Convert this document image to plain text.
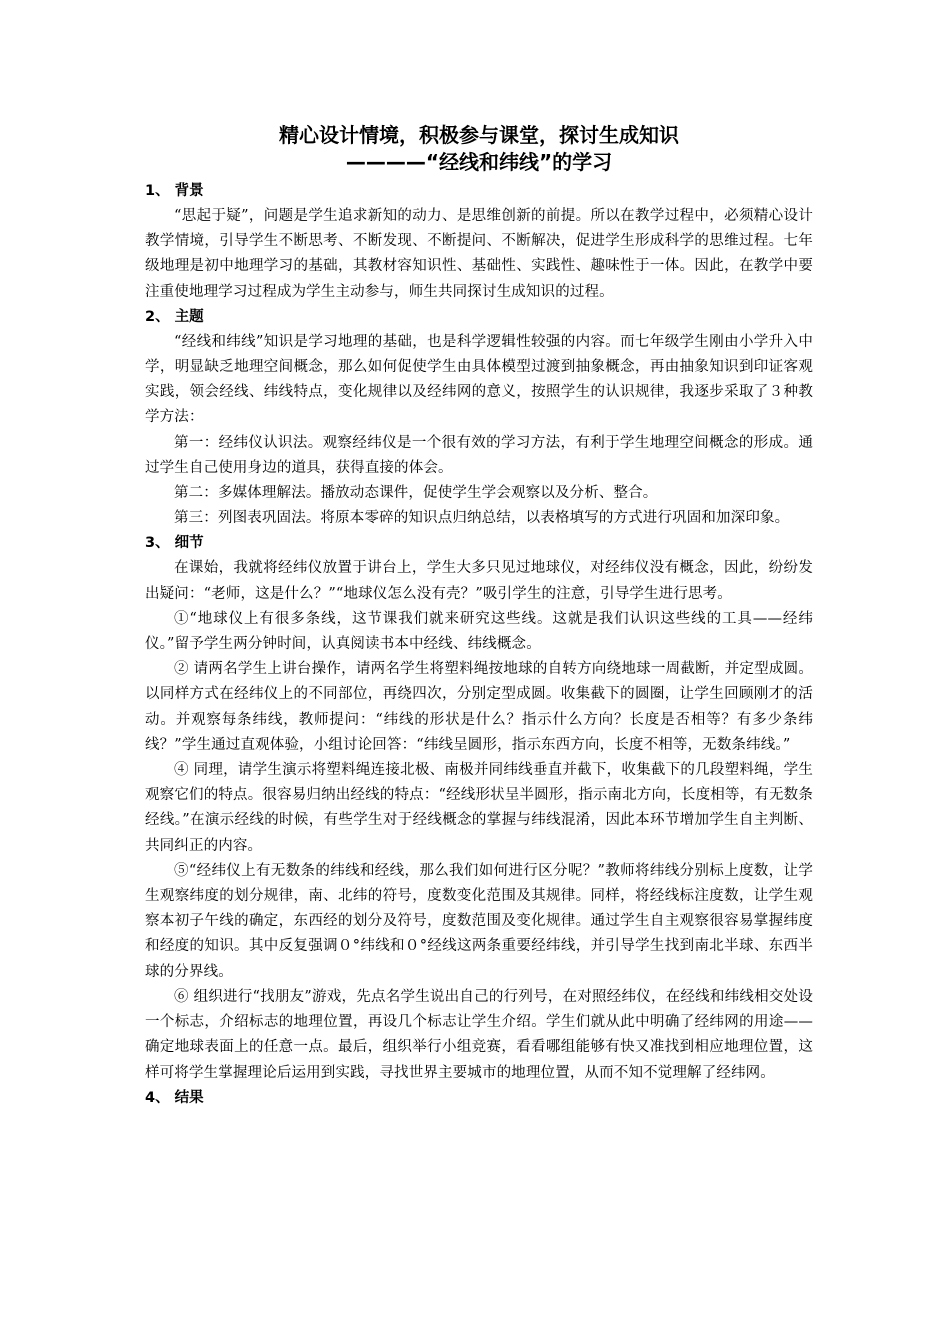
精心设计情境，积极参与课堂，探讨生成知识
————“经线和纬线”的学习
1、 背景

“思起于疑”，问题是学生追求新知的动力、是思维创新的前提。所以在教学过程中，必须精心设计教学情境，引导学生不断思考、不断发现、不断提问、不断解决，促进学生形成科学的思维过程。七年级地理是初中地理学习的基础，其教材容知识性、基础性、实践性、趣味性于一体。因此，在教学中要注重使地理学习过程成为学生主动参与，师生共同探讨生成知识的过程。

2、 主题

“经线和纬线”知识是学习地理的基础，也是科学逻辑性较强的内容。而七年级学生刚由小学升入中学，明显缺乏地理空间概念，那么如何促使学生由具体模型过渡到抽象概念，再由抽象知识到印证客观实践，领会经线、纬线特点，变化规律以及经纬网的意义，按照学生的认识规律，我逐步采取了３种教学方法：

第一：经纬仪认识法。观察经纬仪是一个很有效的学习方法，有利于学生地理空间概念的形成。通过学生自己使用身边的道具，获得直接的体会。

第二：多媒体理解法。播放动态课件，促使学生学会观察以及分析、整合。

第三：列图表巩固法。将原本零碎的知识点归纳总结，以表格填写的方式进行巩固和加深印象。

3、 细节

在课始，我就将经纬仪放置于讲台上，学生大多只见过地球仪，对经纬仪没有概念，因此，纷纷发出疑问：“老师，这是什么？”“地球仪怎么没有壳？”吸引学生的注意，引导学生进行思考。

①“地球仪上有很多条线，这节课我们就来研究这些线。这就是我们认识这些线的工具——经纬仪。”留予学生两分钟时间，认真阅读书本中经线、纬线概念。

② 请两名学生上讲台操作，请两名学生将塑料绳按地球的自转方向绕地球一周截断，并定型成圆。以同样方式在经纬仪上的不同部位，再绕四次，分别定型成圆。收集截下的圆圈，让学生回顾刚才的活动。并观察每条纬线，教师提问：“纬线的形状是什么？指示什么方向？长度是否相等？有多少条纬线？”学生通过直观体验，小组讨论回答：“纬线呈圆形，指示东西方向，长度不相等，无数条纬线。”

④ 同理，请学生演示将塑料绳连接北极、南极并同纬线垂直并截下，收集截下的几段塑料绳，学生观察它们的特点。很容易归纳出经线的特点：“经线形状呈半圆形，指示南北方向，长度相等，有无数条经线。”在演示经线的时候，有些学生对于经线概念的掌握与纬线混淆，因此本环节增加学生自主判断、共同纠正的内容。

⑤“经纬仪上有无数条的纬线和经线，那么我们如何进行区分呢？”教师将纬线分别标上度数，让学生观察纬度的划分规律，南、北纬的符号，度数变化范围及其规律。同样，将经线标注度数，让学生观察本初子午线的确定，东西经的划分及符号，度数范围及变化规律。通过学生自主观察很容易掌握纬度和经度的知识。其中反复强调０°纬线和０°经线这两条重要经纬线，并引导学生找到南北半球、东西半球的分界线。

⑥ 组织进行“找朋友”游戏，先点名学生说出自己的行列号，在对照经纬仪，在经线和纬线相交处设一个标志，介绍标志的地理位置，再设几个标志让学生介绍。学生们就从此中明确了经纬网的用途——确定地球表面上的任意一点。最后，组织举行小组竞赛，看看哪组能够有快又准找到相应地理位置，这样可将学生掌握理论后运用到实践，寻找世界主要城市的地理位置，从而不知不觉理解了经纬网。

4、 结果
